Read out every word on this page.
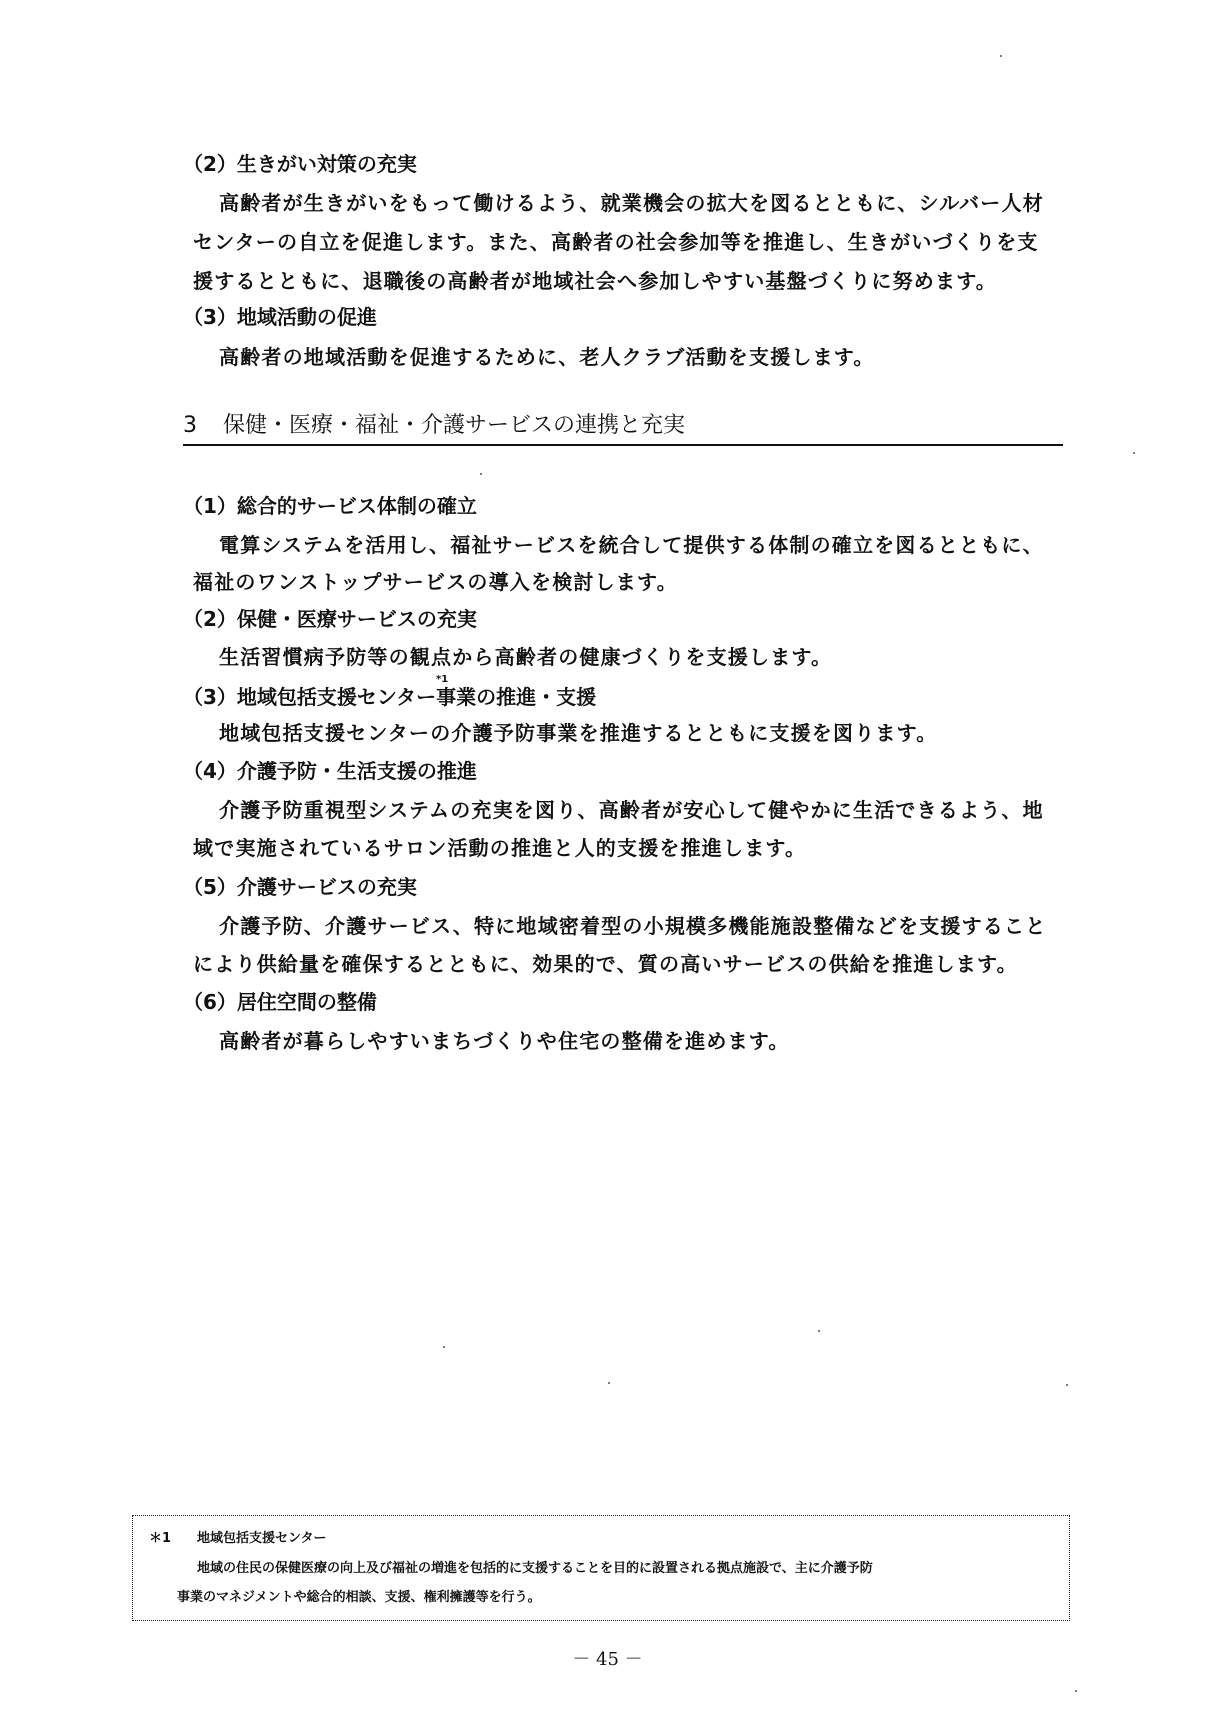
（2）生きがい対策の充実
高齢者が生きがいをもって働けるよう、就業機会の拡大を図るとともに、シルバー人材
センターの自立を促進します。また、高齢者の社会参加等を推進し、生きがいづくりを支
援するとともに、退職後の高齢者が地域社会へ参加しやすい基盤づくりに努めます。
（3）地域活動の促進
高齢者の地域活動を促進するために、老人クラブ活動を支援します。
3 保健・医療・福祉・介護サービスの連携と充実
（1）総合的サービス体制の確立
電算システムを活用し、福祉サービスを統合して提供する体制の確立を図るとともに、
福祉のワンストップサービスの導入を検討します。
（2）保健・医療サービスの充実
生活習慣病予防等の観点から高齢者の健康づくりを支援します。
（3）地域包括支援センター事業の推進・支援
*1
地域包括支援センターの介護予防事業を推進するとともに支援を図ります。
（4）介護予防・生活支援の推進
介護予防重視型システムの充実を図り、高齢者が安心して健やかに生活できるよう、地
域で実施されているサロン活動の推進と人的支援を推進します。
（5）介護サービスの充実
介護予防、介護サービス、特に地域密着型の小規模多機能施設整備などを支援すること
により供給量を確保するとともに、効果的で、質の高いサービスの供給を推進します。
（6）居住空間の整備
高齢者が暮らしやすいまちづくりや住宅の整備を進めます。
＊1 地域包括支援センター
地域の住民の保健医療の向上及び福祉の増進を包括的に支援することを目的に設置される拠点施設で、主に介護予防
事業のマネジメントや総合的相談、支援、権利擁護等を行う。
－ 45 －
